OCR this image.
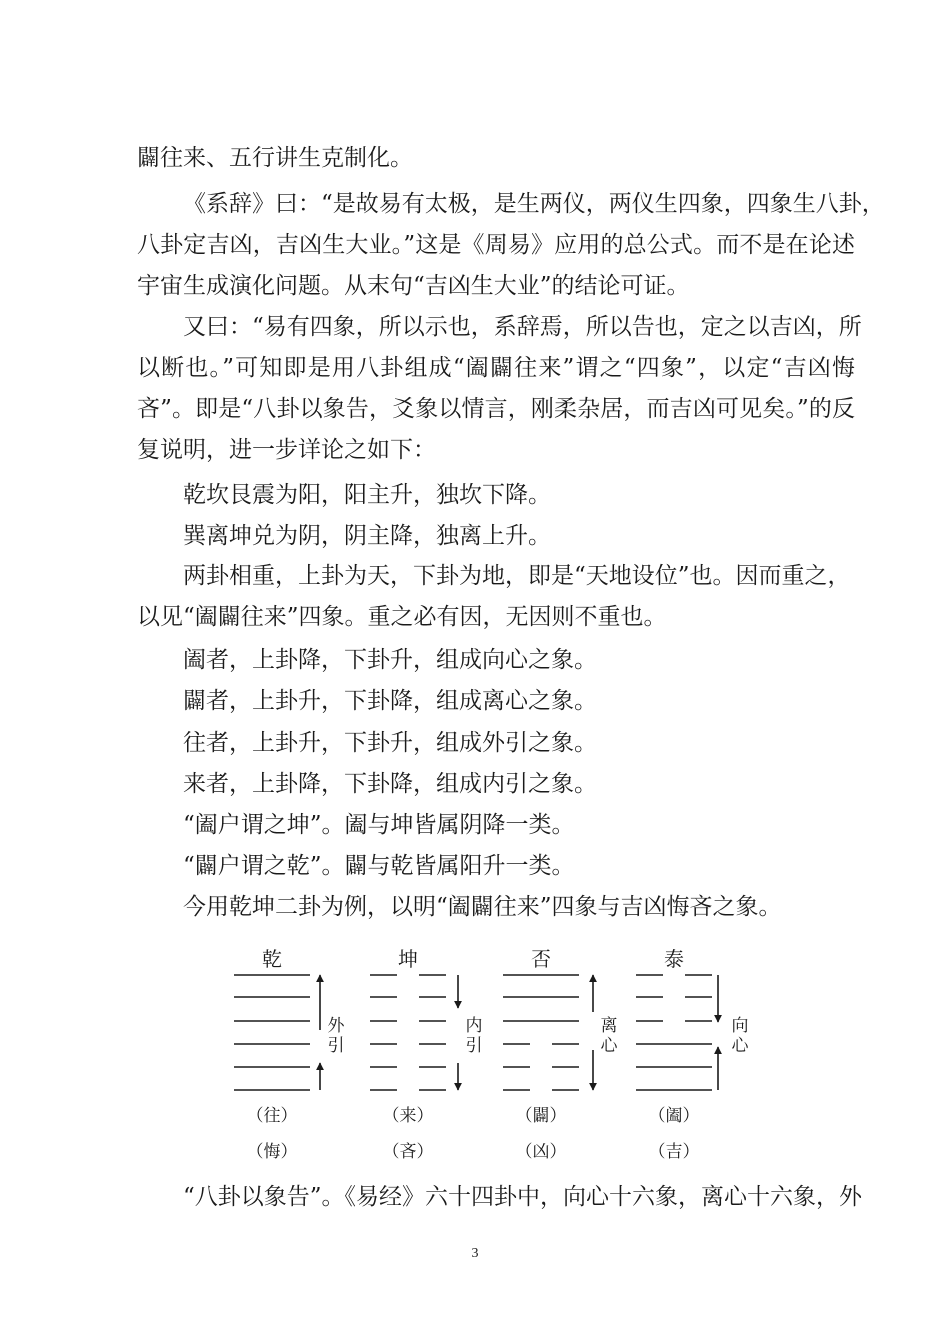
闢往来、五行讲生克制化。
《系辞》曰：“是故易有太极，是生两仪，两仪生四象，四象生八卦，
八卦定吉凶，吉凶生大业。”这是《周易》应用的总公式。而不是在论述
宇宙生成演化问题。从末句“吉凶生大业”的结论可证。
又曰：“易有四象，所以示也，系辞焉，所以告也，定之以吉凶，所
以断也。”可知即是用八卦组成“阖闢往来”谓之“四象”，以定“吉凶悔
吝”。即是“八卦以象告，爻象以情言，刚柔杂居，而吉凶可见矣。”的反
复说明，进一步详论之如下：
乾坎艮震为阳，阳主升，独坎下降。
巽离坤兑为阴，阴主降，独离上升。
两卦相重，上卦为天，下卦为地，即是“天地设位”也。因而重之，
以见“阖闢往来”四象。重之必有因，无因则不重也。
阖者，上卦降，下卦升，组成向心之象。
闢者，上卦升，下卦降，组成离心之象。
往者，上卦升，下卦升，组成外引之象。
来者，上卦降，下卦降，组成内引之象。
“阖户谓之坤”。阖与坤皆属阴降一类。
“闢户谓之乾”。闢与乾皆属阳升一类。
今用乾坤二卦为例，以明“阖闢往来”四象与吉凶悔吝之象。
“八卦以象告”。《易经》六十四卦中，向心十六象，离心十六象，外
乾
外
引
（往）
（悔）
坤
内
引
（来）
（吝）
否
离
心
（闢）
（凶）
泰
向
心
（阖）
（吉）
3
